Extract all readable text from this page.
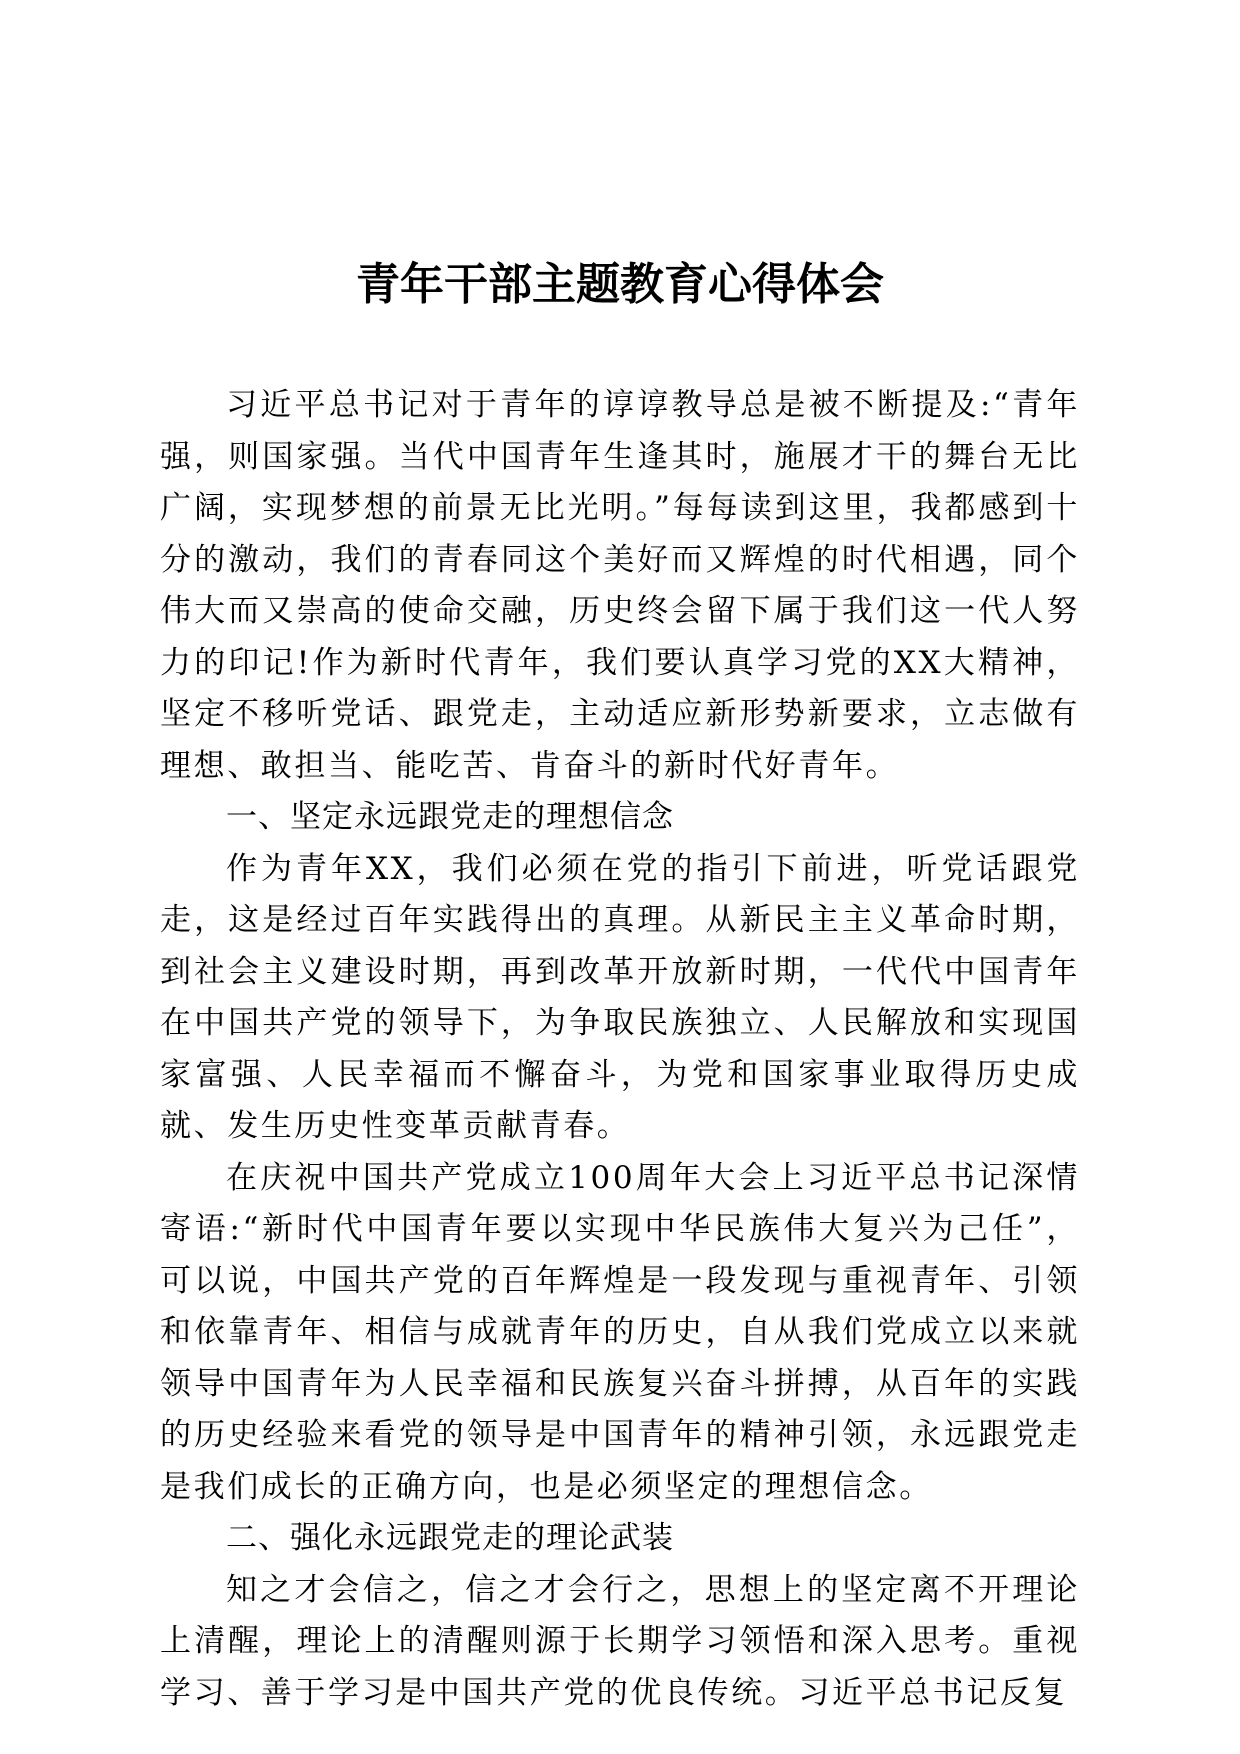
青年干部主题教育心得体会

习近平总书记对于青年的谆谆教导总是被不断提及:“青年强，则国家强。当代中国青年生逢其时，施展才干的舞台无比广阔，实现梦想的前景无比光明。”每每读到这里，我都感到十分的激动，我们的青春同这个美好而又辉煌的时代相遇，同个伟大而又崇高的使命交融，历史终会留下属于我们这一代人努力的印记!作为新时代青年，我们要认真学习党的XX大精神，坚定不移听党话、跟党走，主动适应新形势新要求，立志做有理想、敢担当、能吃苦、肯奋斗的新时代好青年。

一、坚定永远跟党走的理想信念

作为青年XX，我们必须在党的指引下前进，听党话跟党走，这是经过百年实践得出的真理。从新民主主义革命时期，到社会主义建设时期，再到改革开放新时期，一代代中国青年在中国共产党的领导下，为争取民族独立、人民解放和实现国家富强、人民幸福而不懈奋斗，为党和国家事业取得历史成就、发生历史性变革贡献青春。

在庆祝中国共产党成立100周年大会上习近平总书记深情寄语:“新时代中国青年要以实现中华民族伟大复兴为己任”，可以说，中国共产党的百年辉煌是一段发现与重视青年、引领和依靠青年、相信与成就青年的历史，自从我们党成立以来就领导中国青年为人民幸福和民族复兴奋斗拼搏，从百年的实践的历史经验来看党的领导是中国青年的精神引领，永远跟党走是我们成长的正确方向，也是必须坚定的理想信念。

二、强化永远跟党走的理论武装

知之才会信之，信之才会行之，思想上的坚定离不开理论上清醒，理论上的清醒则源于长期学习领悟和深入思考。重视学习、善于学习是中国共产党的优良传统。习近平总书记反复
